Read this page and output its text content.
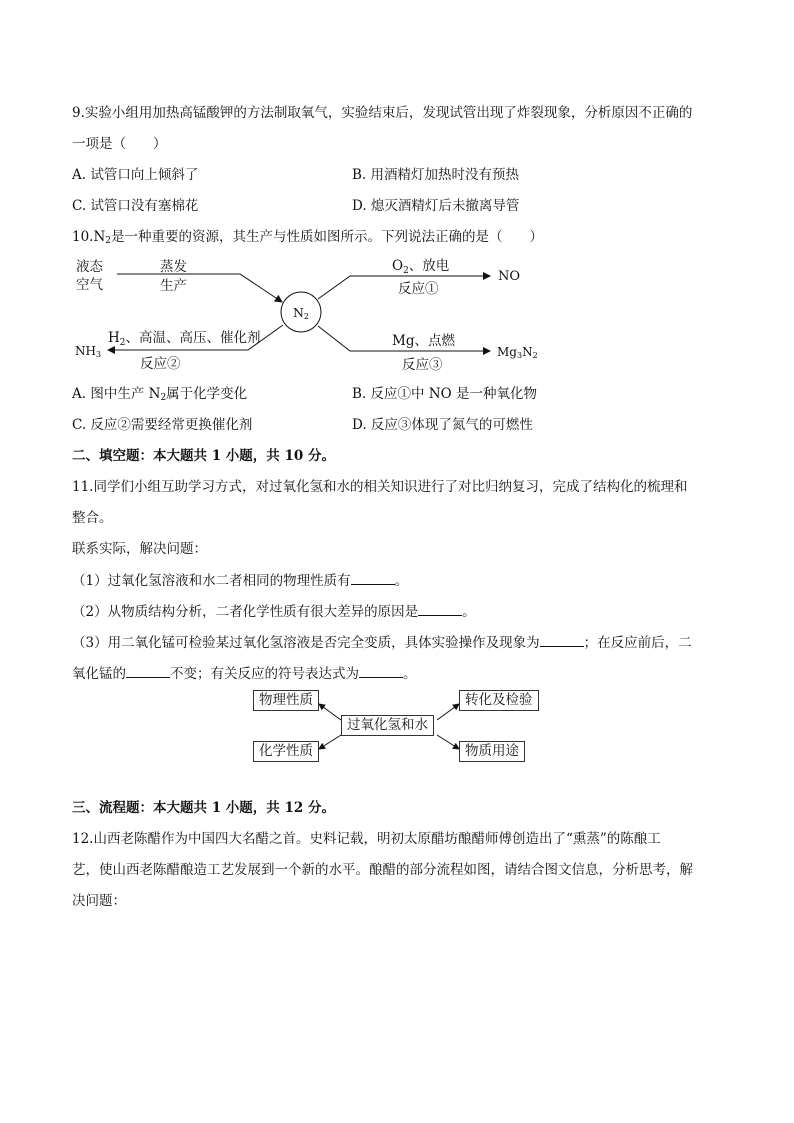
9.实验小组用加热高锰酸钾的方法制取氧气，实验结束后，发现试管出现了炸裂现象，分析原因不正确的
一项是（　　）
A. 试管口向上倾斜了	B. 用酒精灯加热时没有预热
C. 试管口没有塞棉花	D. 熄灭酒精灯后未撤离导管
$10.N_2$是一种重要的资源，其生产与性质如图所示。下列说法正确的是（　　）
液态
空气
蒸发
生产
N2
$O_2$、放电
反应①
NO
$H_2$、高温、高压、催化剂
反应②
NH3
Mg、点燃
反应③
Mg3N2
A. 图中生产 $N_2$属于化学变化	B. 反应①中 NO 是一种氧化物
C. 反应②需要经常更换催化剂	D. 反应③体现了氮气的可燃性
二、填空题：本大题共 1 小题，共 10 分。
11.同学们小组互助学习方式，对过氧化氢和水的相关知识进行了对比归纳复习，完成了结构化的梳理和
整合。
联系实际，解决问题：
（1）过氧化氢溶液和水二者相同的物理性质有	。
（2）从物质结构分析，二者化学性质有很大差异的原因是	。
（3）用二氧化锰可检验某过氧化氢溶液是否完全变质，具体实验操作及现象为	；在反应前后，二
氧化锰的	不变；有关反应的符号表达式为	。
物理性质
化学性质
过氧化氢和水
转化及检验
物质用途
三、流程题：本大题共 1 小题，共 12 分。
12.山西老陈醋作为中国四大名醋之首。史料记载，明初太原醋坊酿醋师傅创造出了“熏蒸”的陈酿工
艺，使山西老陈醋酿造工艺发展到一个新的水平。酿醋的部分流程如图，请结合图文信息，分析思考，解
决问题：
